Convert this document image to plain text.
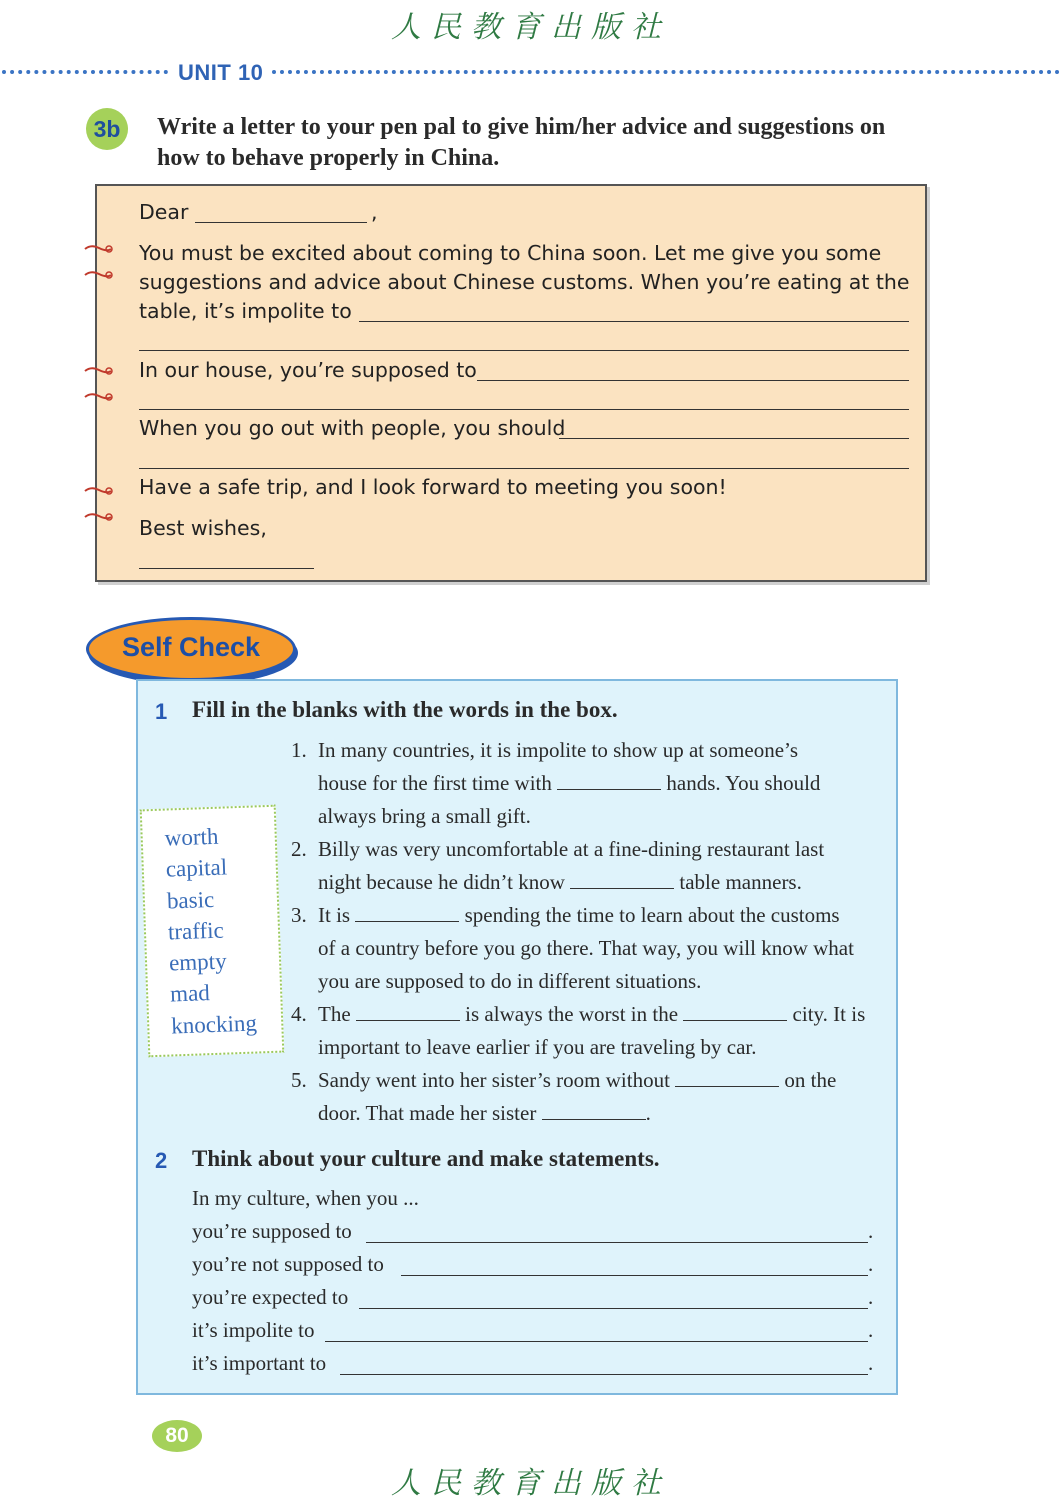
人民教育出版社
UNIT 10
3b	Write a letter to your pen pal to give him/her advice and suggestions on
how to behave properly in China.
Dear	,
You must be excited about coming to China soon. Let me give you some
suggestions and advice about Chinese customs. When you’re eating at the
table, it’s impolite to
In our house, you’re supposed to
When you go out with people, you should
Have a safe trip, and I look forward to meeting you soon!
Best wishes,
Self Check
1 Fill in the blanks with the words in the box.
worth
capital
basic
traffic
empty
mad
knocking
1. In many countries, it is impolite to show up at someone’s
house for the first time with	hands. You should
always bring a small gift.
2. Billy was very uncomfortable at a fine-dining restaurant last
night because he didn’t know	table manners.
3. It is	spending the time to learn about the customs
of a country before you go there. That way, you will know what
you are supposed to do in different situations.
4. The	is always the worst in the	city. It is
important to leave earlier if you are traveling by car.
5. Sandy went into her sister’s room without	on the
door. That made her sister	.
2 Think about your culture and make statements.
In my culture, when you ...
you’re supposed to	.
you’re not supposed to	.
you’re expected to	.
it’s impolite to	.
it’s important to	.
80
人民教育出版社
